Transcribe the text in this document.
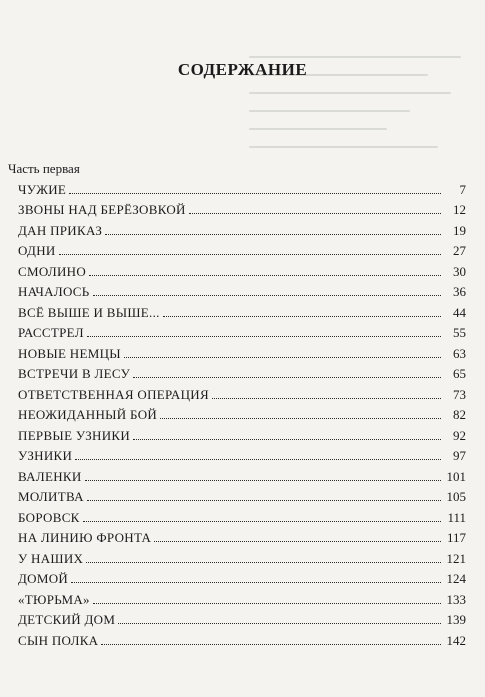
СОДЕРЖАНИЕ
Часть первая
ЧУЖИЕ	7
ЗВОНЫ НАД БЕРЁЗОВКОЙ	12
ДАН ПРИКАЗ	19
ОДНИ	27
СМОЛИНО	30
НАЧАЛОСЬ	36
ВСЁ ВЫШЕ И ВЫШЕ...	44
РАССТРЕЛ	55
НОВЫЕ НЕМЦЫ	63
ВСТРЕЧИ В ЛЕСУ	65
ОТВЕТСТВЕННАЯ ОПЕРАЦИЯ	73
НЕОЖИДАННЫЙ БОЙ	82
ПЕРВЫЕ УЗНИКИ	92
УЗНИКИ	97
ВАЛЕНКИ	101
МОЛИТВА	105
БОРОВСК	111
НА ЛИНИЮ ФРОНТА	117
У НАШИХ	121
ДОМОЙ	124
«ТЮРЬМА»	133
ДЕТСКИЙ ДОМ	139
СЫН ПОЛКА	142
